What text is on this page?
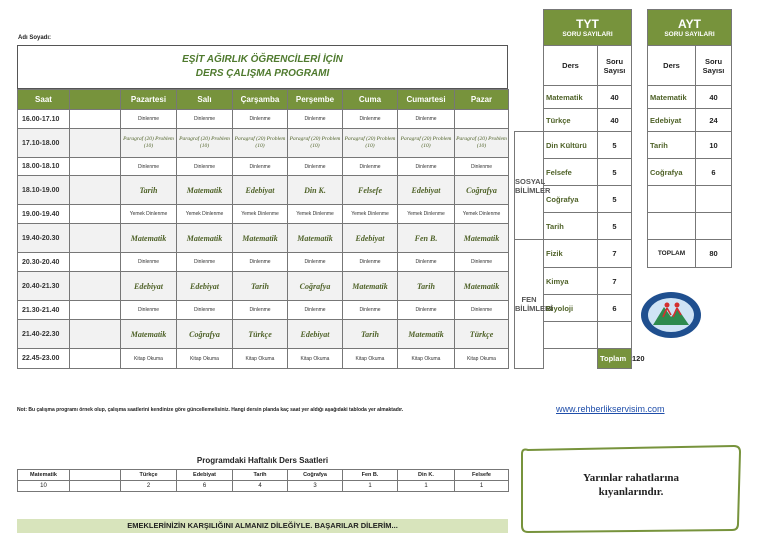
Adı Soyadı:
EŞİT AĞIRLIK ÖĞRENCİLERİ İÇİN
DERS ÇALIŞMA PROGRAMI
Saat		Pazartesi	Salı	Çarşamba	Perşembe	Cuma	Cumartesi	Pazar
16.00-17.10		Dinlenme	Dinlenme	Dinlenme	Dinlenme	Dinlenme	Dinlenme	
17.10-18.00		Paragraf (20) Problem (10)	Paragraf (20) Problem (10)	Paragraf (20) Problem (10)	Paragraf (20) Problem (10)	Paragraf (20) Problem (10)	Paragraf (20) Problem (10)	Paragraf (20) Problem (10)
18.00-18.10		Dinlenme	Dinlenme	Dinlenme	Dinlenme	Dinlenme	Dinlenme	Dinlenme
18.10-19.00		Tarih	Matematik	Edebiyat	Din K.	Felsefe	Edebiyat	Coğrafya
19.00-19.40		Yemek Dinlenme	Yemek Dinlenme	Yemek Dinlenme	Yemek Dinlenme	Yemek Dinlenme	Yemek Dinlenme	Yemek Dinlenme
19.40-20.30		Matematik	Matematik	Matematik	Matematik	Edebiyat	Fen B.	Matematik
20.30-20.40		Dinlenme	Dinlenme	Dinlenme	Dinlenme	Dinlenme	Dinlenme	Dinlenme
20.40-21.30		Edebiyat	Edebiyat	Tarih	Coğrafya	Matematik	Tarih	Matematik
21.30-21.40		Dinlenme	Dinlenme	Dinlenme	Dinlenme	Dinlenme	Dinlenme	Dinlenme
21.40-22.30		Matematik	Coğrafya	Türkçe	Edebiyat	Tarih	Matematik	Türkçe
22.45-23.00		Kitap Okuma	Kitap Okuma	Kitap Okuma	Kitap Okuma	Kitap Okuma	Kitap Okuma	Kitap Okuma
Not: Bu çalışma programı örnek olup, çalışma saatlerini kendinize göre güncellemelisiniz. Hangi dersin planda kaç saat yer aldığı aşağıdaki tabloda yer almaktadır.

	TYT
SORU SAYILARI		

	Ders	Soru Sayısı	
	Matematik	40	
	Türkçe	40	
SOSYAL BİLİMLER	Din Kültürü	5	
	Felsefe	5	
	Coğrafya	5	
	Tarih	5	
FEN BİLİMLERİ	Fizik	7	
	Kimya	7	
	Biyoloji	6	

		Toplam	120
AYT
SORU SAYILARI	

Ders	Soru Sayısı
Matematik	40
Edebiyat	24
Tarih	10
Coğrafya	6

TOPLAM	80
www.rehberlikservisim.com
Programdaki Haftalık Ders Saatleri
Matematik		Türkçe	Edebiyat	Tarih	Coğrafya	Fen B.	Din K.	Felsefe
10		2	6	4	3	1	1	1
EMEKLERİNİZİN KARŞILIĞINI ALMANIZ DİLEĞİYLE. BAŞARILAR DİLERİM...
Yarınlar rahatlarına
kıyanlarındır.
